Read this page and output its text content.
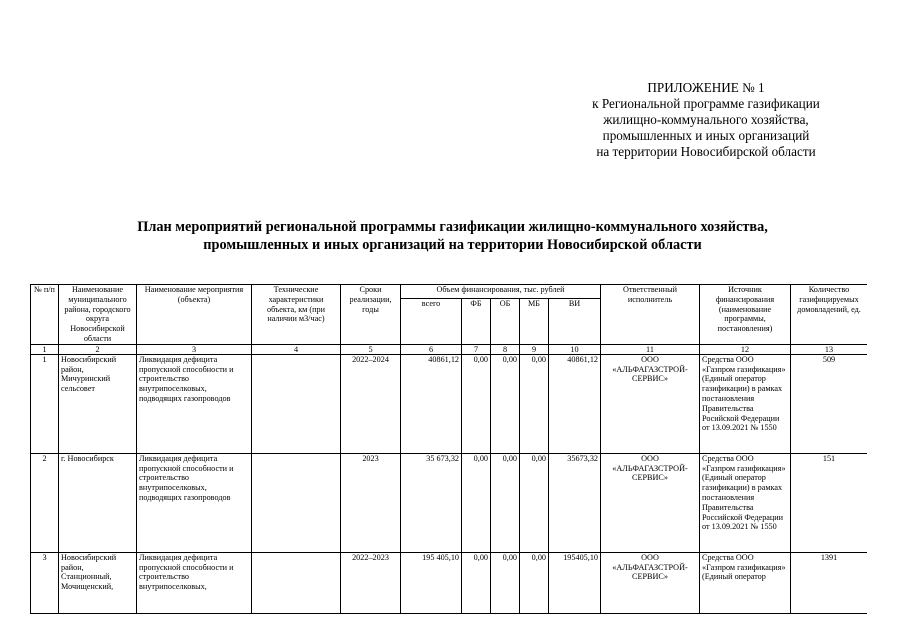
ПРИЛОЖЕНИЕ № 1
к Региональной программе газификации
жилищно-коммунального хозяйства,
промышленных и иных организаций
на территории Новосибирской области
План мероприятий региональной программы газификации жилищно-коммунального хозяйства,
промышленных и иных организаций на территории Новосибирской области
№ п/п	Наименование муниципального района, городского округа Новосибирской области	Наименование мероприятия (объекта)	Технические характеристики объекта, км (при наличии м3/час)	Сроки реализации, годы	Объем финансирования, тыс. рублей					Ответственный исполнитель	Источник финансирования (наименование программы, постановления)	Количество газифицируемых домовладений, ед.
					всего	ФБ	ОБ	МБ	ВИ			
1	2	3	4	5	6	7	8	9	10	11	12	13
1	Новосибирский район, Мичуринский сельсовет	Ликвидация дефицита пропускной способности и строительство внутрипоселковых, подводящих газопроводов		2022–2024	40861,12	0,00	0,00	0,00	40861,12	ООО «АЛЬФАГАЗСТРОЙ-СЕРВИС»	Средства ООО «Газпром газификация» (Единый оператор газификации) в рамках постановления Правительства Росийской Федерации от 13.09.2021 № 1550	509
2	г. Новосибирск	Ликвидация дефицита пропускной способности и строительство внутрипоселковых, подводящих газопроводов		2023	35 673,32	0,00	0,00	0,00	35673,32	ООО «АЛЬФАГАЗСТРОЙ-СЕРВИС»	Средства ООО «Газпром газификация» (Единый оператор газификации) в рамках постановления Правительства Российской Федерации от 13.09.2021 № 1550	151
3	Новосибирский район, Станционный, Мочищенский,	Ликвидация дефицита пропускной способности и строительство внутрипоселковых,		2022–2023	195 405,10	0,00	0,00	0,00	195405,10	ООО «АЛЬФАГАЗСТРОЙ-СЕРВИС»	Средства ООО «Газпром газификация» (Единый оператор	1391
